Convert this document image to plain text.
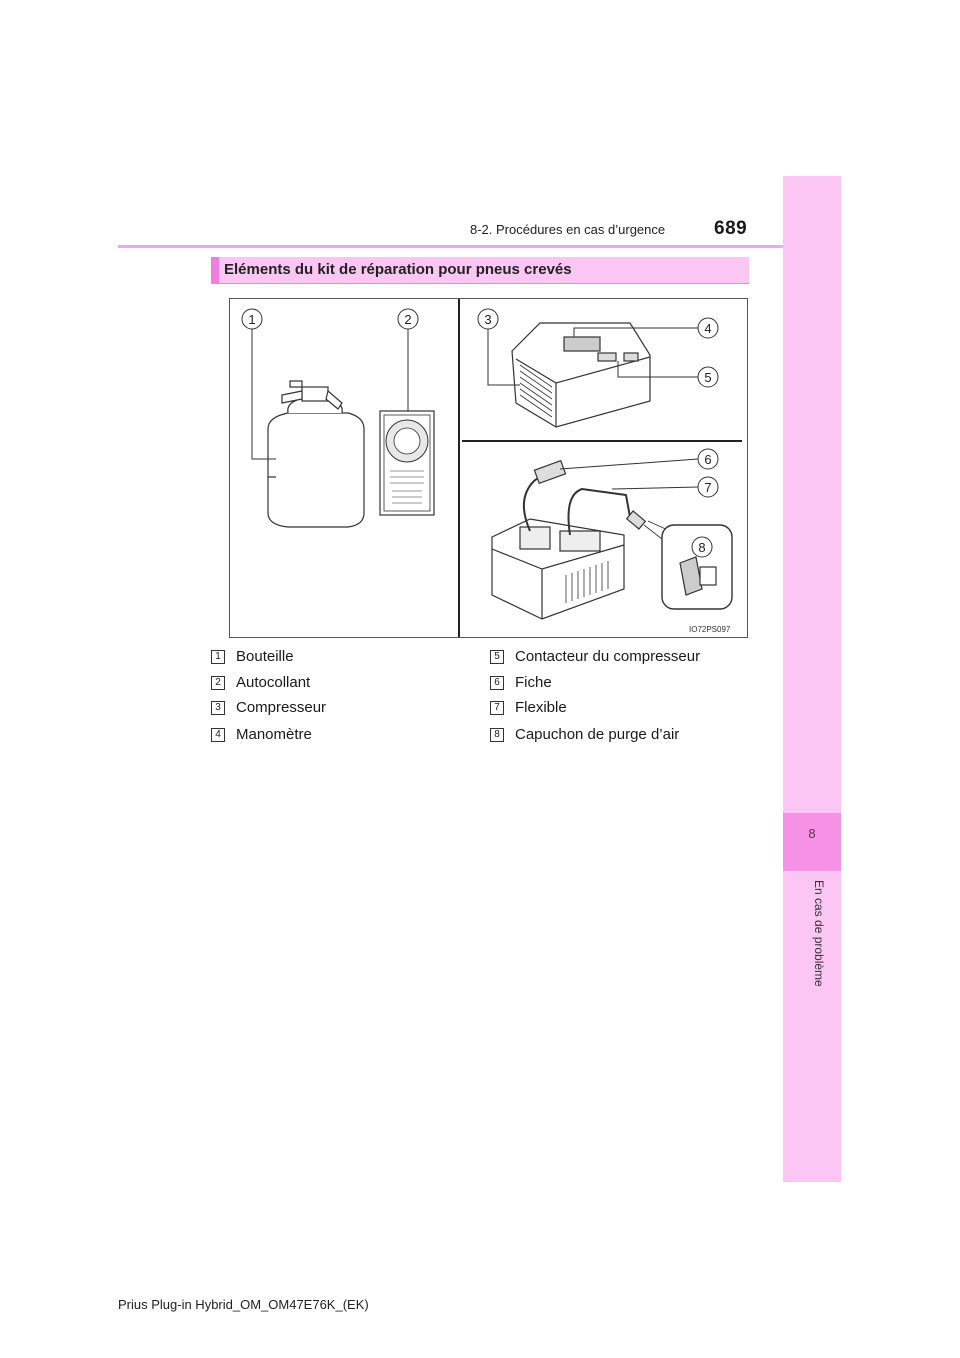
8-2. Procédures en cas d’urgence	689
8
En cas de problème
Eléments du kit de réparation pour pneus crevés
1	2	3
4
5
6
7
8
IO72PS097
1 Bouteille
2 Autocollant
3 Compresseur
4 Manomètre
5 Contacteur du compresseur
6 Fiche
7 Flexible
8 Capuchon de purge d’air
Prius Plug-in Hybrid_OM_OM47E76K_(EK)
